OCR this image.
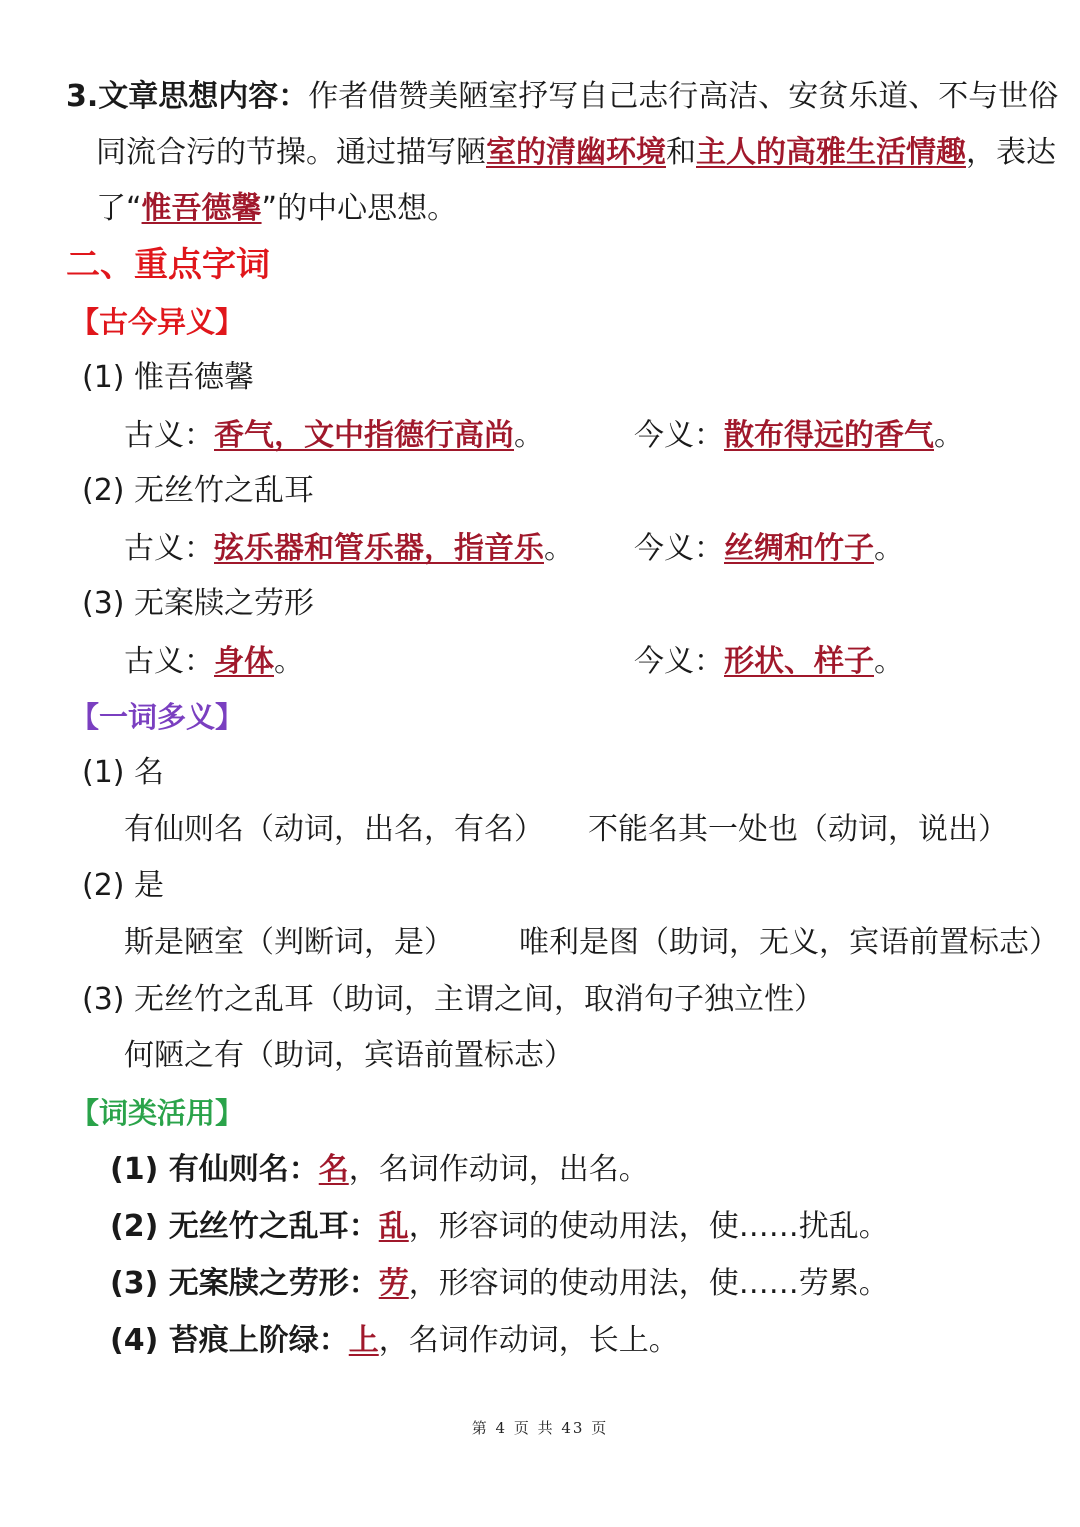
3.文章思想内容：作者借赞美陋室抒写自己志行高洁、安贫乐道、不与世俗
同流合污的节操。通过描写陋室的清幽环境和主人的高雅生活情趣，表达
了“惟吾德馨”的中心思想。
二、重点字词
【古今异义】
(1) 惟吾德馨
古义：香气，文中指德行高尚。	今义：散布得远的香气。
(2) 无丝竹之乱耳
古义：弦乐器和管乐器，指音乐。 今义：丝绸和竹子。
(3) 无案牍之劳形
古义：身体。	今义：形状、样子。
【一词多义】
(1) 名
有仙则名（动词，出名，有名） 不能名其一处也（动词，说出）
(2) 是
斯是陋室（判断词，是） 唯利是图（助词，无义，宾语前置标志）
(3) 无丝竹之乱耳（助词，主谓之间，取消句子独立性）
何陋之有（助词，宾语前置标志）
【词类活用】
(1) 有仙则名：名，名词作动词，出名。
(2) 无丝竹之乱耳：乱，形容词的使动用法，使……扰乱。
(3) 无案牍之劳形：劳，形容词的使动用法，使……劳累。
(4) 苔痕上阶绿：上，名词作动词，长上。
第 4 页 共 43 页
